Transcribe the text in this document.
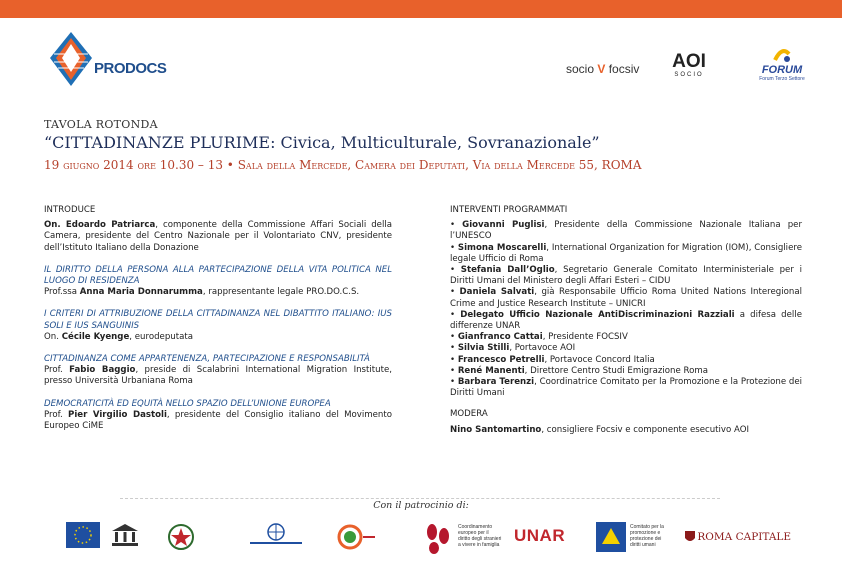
PRODOCS	socio V focsiv AOI
SOCIO	FORUM
Forum Terzo Settore
TAVOLA ROTONDA
“CITTADINANZE PLURIME: Civica, Multiculturale, Sovranazionale”
19 giugno 2014 ore 10.30 – 13 • Sala della Mercede, Camera dei Deputati, Via della Mercede 55, ROMA
INTRODUCE

On. Edoardo Patriarca, componente della Commissione Affari Sociali della Camera, presidente del Centro Nazionale per il Volontariato CNV, presidente dell’Istituto Italiano della Donazione

IL DIRITTO DELLA PERSONA ALLA PARTECIPAZIONE DELLA VITA POLITICA NEL LUOGO DI RESIDENZA

Prof.ssa Anna Maria Donnarumma, rappresentante legale PRO.DO.C.S.

I CRITERI DI ATTRIBUZIONE DELLA CITTADINANZA NEL DIBATTITO ITALIANO: IUS SOLI E IUS SANGUINIS

On. Cécile Kyenge, eurodeputata

CITTADINANZA COME APPARTENENZA, PARTECIPAZIONE E RESPONSABILITÀ

Prof. Fabio Baggio, preside di Scalabrini International Migration Institute, presso Università Urbaniana Roma

DEMOCRATICITÀ ED EQUITÀ NELLO SPAZIO DELL’UNIONE EUROPEA

Prof. Pier Virgilio Dastoli, presidente del Consiglio italiano del Movimento Europeo CiME

INTERVENTI PROGRAMMATI
• Giovanni Puglisi, Presidente della Commissione Nazionale Italiana per l’UNESCO
• Simona Moscarelli, International Organization for Migration (IOM), Consigliere legale Ufficio di Roma
• Stefania Dall’Oglio, Segretario Generale Comitato Interministeriale per i Diritti Umani del Ministero degli Affari Esteri – CIDU
• Daniela Salvati, già Responsabile Ufficio Roma United Nations Interegional Crime and Justice Research Institute – UNICRI
• Delegato Ufficio Nazionale AntiDiscriminazioni Razziali a difesa delle differenze UNAR
• Gianfranco Cattai, Presidente FOCSIV
• Silvia Stilli, Portavoce AOI
• Francesco Petrelli, Portavoce Concord Italia
• René Manenti, Direttore Centro Studi Emigrazione Roma
• Barbara Terenzi, Coordinatrice Comitato per la Promozione e la Protezione dei Diritti Umani
MODERA

Nino Santomartino, consigliere Focsiv e componente esecutivo AOI

Con il patrocinio di:
Coordinamento europeo per il diritto degli stranieri a vivere in famiglia UNAR	Comitato per la promozione e protezione dei diritti umani
ROMA CAPITALE
